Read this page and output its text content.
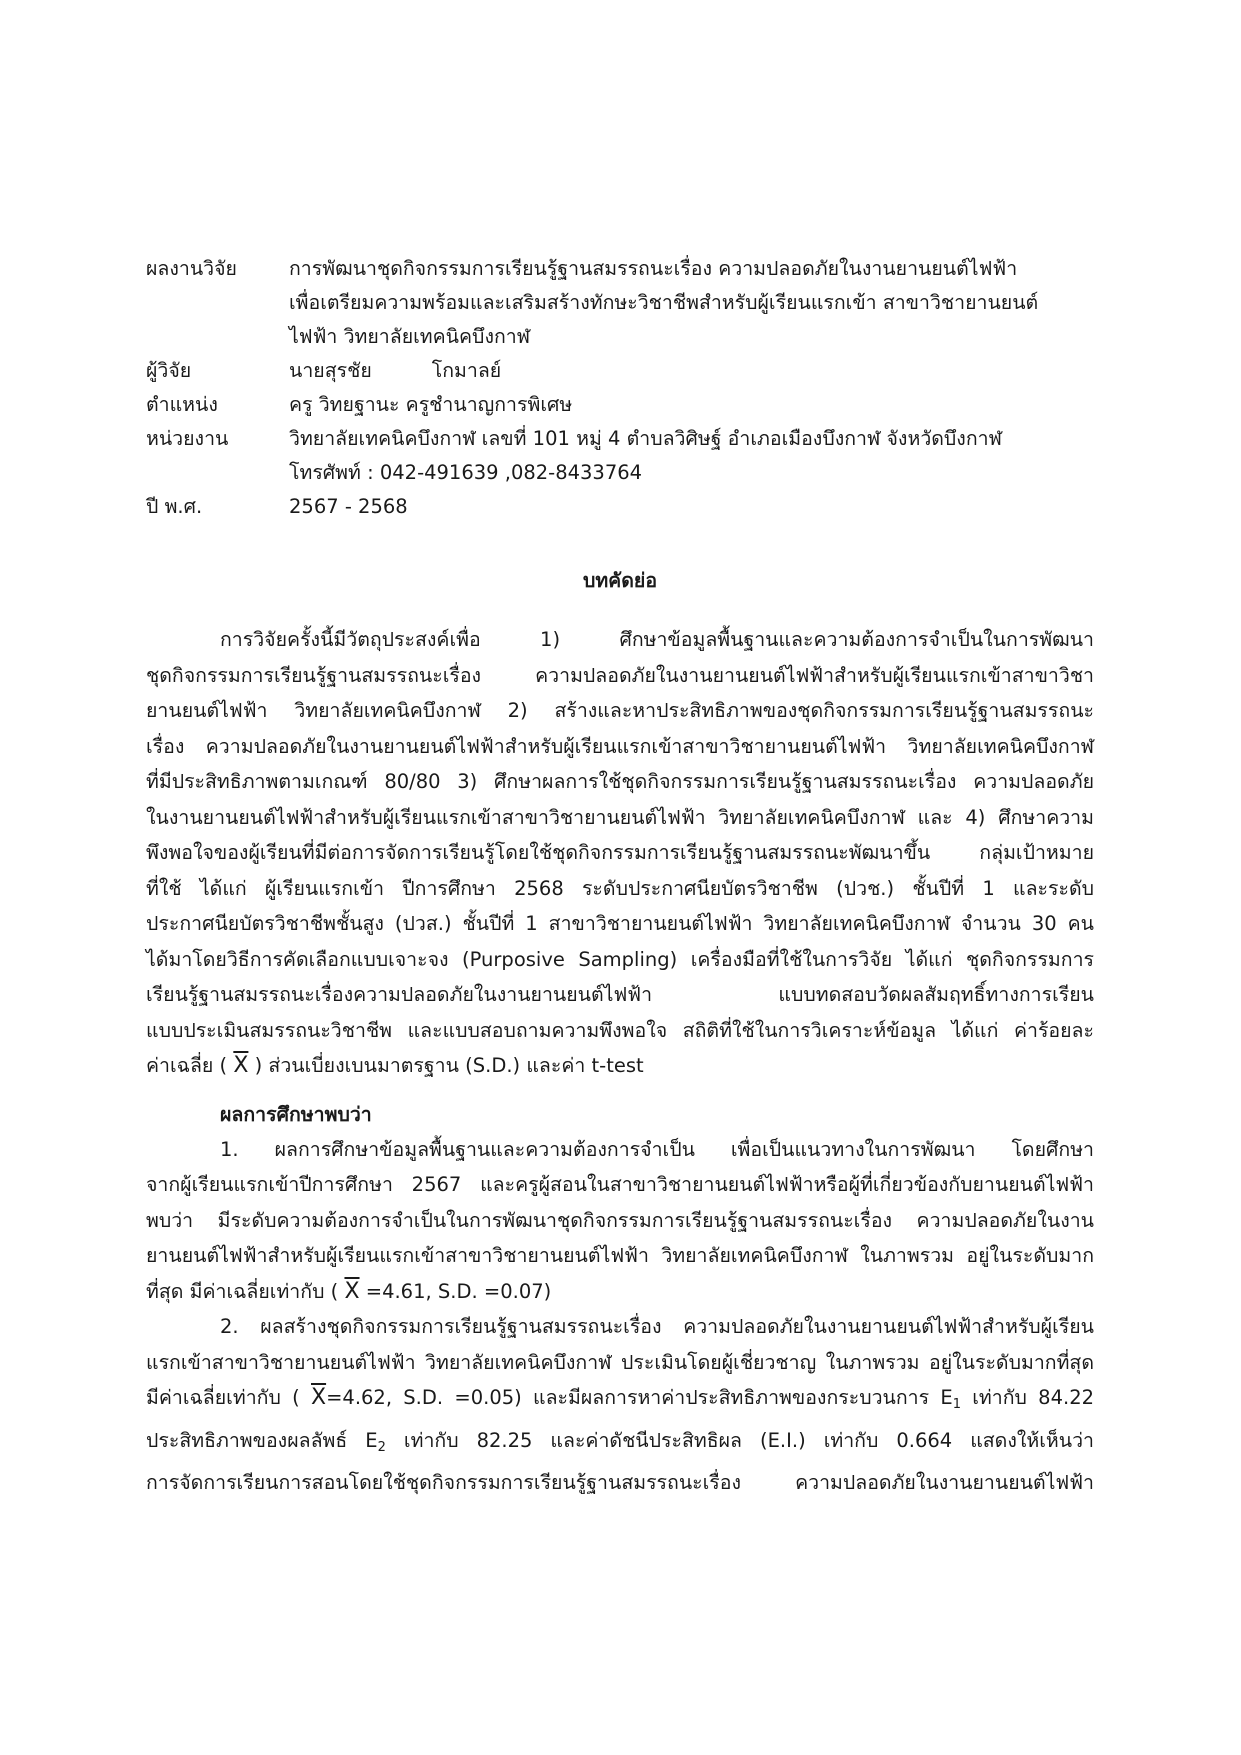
ผลงานวิจัย	การพัฒนาชุดกิจกรรมการเรียนรู้ฐานสมรรถนะเรื่อง ความปลอดภัยในงานยานยนต์ไฟฟ้า
เพื่อเตรียมความพร้อมและเสริมสร้างทักษะวิชาชีพสำหรับผู้เรียนแรกเข้า สาขาวิชายานยนต์
ไฟฟ้า วิทยาลัยเทคนิคบึงกาฬ
ผู้วิจัย	นายสุรชัย	โกมาลย์
ตำแหน่ง	ครู วิทยฐานะ ครูชำนาญการพิเศษ
หน่วยงาน	วิทยาลัยเทคนิคบึงกาฬ เลขที่ 101 หมู่ 4 ตำบลวิศิษฐ์ อำเภอเมืองบึงกาฬ จังหวัดบึงกาฬ
โทรศัพท์ : 042-491639 ,082-8433764
ปี พ.ศ.	2567 - 2568
บทคัดย่อ
การวิจัยครั้งนี้มีวัตถุประสงค์เพื่อ 1) ศึกษาข้อมูลพื้นฐานและความต้องการจำเป็นในการพัฒนา
ชุดกิจกรรมการเรียนรู้ฐานสมรรถนะเรื่อง ความปลอดภัยในงานยานยนต์ไฟฟ้าสำหรับผู้เรียนแรกเข้าสาขาวิชา
ยานยนต์ไฟฟ้า วิทยาลัยเทคนิคบึงกาฬ 2) สร้างและหาประสิทธิภาพของชุดกิจกรรมการเรียนรู้ฐานสมรรถนะ
เรื่อง ความปลอดภัยในงานยานยนต์ไฟฟ้าสำหรับผู้เรียนแรกเข้าสาขาวิชายานยนต์ไฟฟ้า วิทยาลัยเทคนิคบึงกาฬ
ที่มีประสิทธิภาพตามเกณฑ์ 80/80 3) ศึกษาผลการใช้ชุดกิจกรรมการเรียนรู้ฐานสมรรถนะเรื่อง ความปลอดภัย
ในงานยานยนต์ไฟฟ้าสำหรับผู้เรียนแรกเข้าสาขาวิชายานยนต์ไฟฟ้า วิทยาลัยเทคนิคบึงกาฬ และ 4) ศึกษาความ
พึงพอใจของผู้เรียนที่มีต่อการจัดการเรียนรู้โดยใช้ชุดกิจกรรมการเรียนรู้ฐานสมรรถนะพัฒนาขึ้น กลุ่มเป้าหมาย
ที่ใช้ ได้แก่ ผู้เรียนแรกเข้า ปีการศึกษา 2568 ระดับประกาศนียบัตรวิชาชีพ (ปวช.) ชั้นปีที่ 1 และระดับ
ประกาศนียบัตรวิชาชีพชั้นสูง (ปวส.) ชั้นปีที่ 1 สาขาวิชายานยนต์ไฟฟ้า วิทยาลัยเทคนิคบึงกาฬ จำนวน 30 คน
ได้มาโดยวิธีการคัดเลือกแบบเจาะจง (Purposive Sampling) เครื่องมือที่ใช้ในการวิจัย ได้แก่ ชุดกิจกรรมการ
เรียนรู้ฐานสมรรถนะเรื่องความปลอดภัยในงานยานยนต์ไฟฟ้า แบบทดสอบวัดผลสัมฤทธิ์ทางการเรียน
แบบประเมินสมรรถนะวิชาชีพ และแบบสอบถามความพึงพอใจ สถิติที่ใช้ในการวิเคราะห์ข้อมูล ได้แก่ ค่าร้อยละ
ค่าเฉลี่ย ( $\overline{X}$ ) ส่วนเบี่ยงเบนมาตรฐาน (S.D.) และค่า t-test
ผลการศึกษาพบว่า
1. ผลการศึกษาข้อมูลพื้นฐานและความต้องการจำเป็น เพื่อเป็นแนวทางในการพัฒนา โดยศึกษา
จากผู้เรียนแรกเข้าปีการศึกษา 2567 และครูผู้สอนในสาขาวิชายานยนต์ไฟฟ้าหรือผู้ที่เกี่ยวข้องกับยานยนต์ไฟฟ้า
พบว่า มีระดับความต้องการจำเป็นในการพัฒนาชุดกิจกรรมการเรียนรู้ฐานสมรรถนะเรื่อง ความปลอดภัยในงาน
ยานยนต์ไฟฟ้าสำหรับผู้เรียนแรกเข้าสาขาวิชายานยนต์ไฟฟ้า วิทยาลัยเทคนิคบึงกาฬ ในภาพรวม อยู่ในระดับมาก
ที่สุด มีค่าเฉลี่ยเท่ากับ ( $\overline{X} =4.61$, S.D. =0.07)
2. ผลสร้างชุดกิจกรรมการเรียนรู้ฐานสมรรถนะเรื่อง ความปลอดภัยในงานยานยนต์ไฟฟ้าสำหรับผู้เรียน
แรกเข้าสาขาวิชายานยนต์ไฟฟ้า วิทยาลัยเทคนิคบึงกาฬ ประเมินโดยผู้เชี่ยวชาญ ในภาพรวม อยู่ในระดับมากที่สุด
มีค่าเฉลี่ยเท่ากับ ( $\overline{X}=4.62$, S.D. =0.05) และมีผลการหาค่าประสิทธิภาพของกระบวนการ $E_1$ เท่ากับ 84.22
ประสิทธิภาพของผลลัพธ์ $E_2$ เท่ากับ 82.25 และค่าดัชนีประสิทธิผล (E.I.) เท่ากับ 0.664 แสดงให้เห็นว่า
การจัดการเรียนการสอนโดยใช้ชุดกิจกรรมการเรียนรู้ฐานสมรรถนะเรื่อง ความปลอดภัยในงานยานยนต์ไฟฟ้า
